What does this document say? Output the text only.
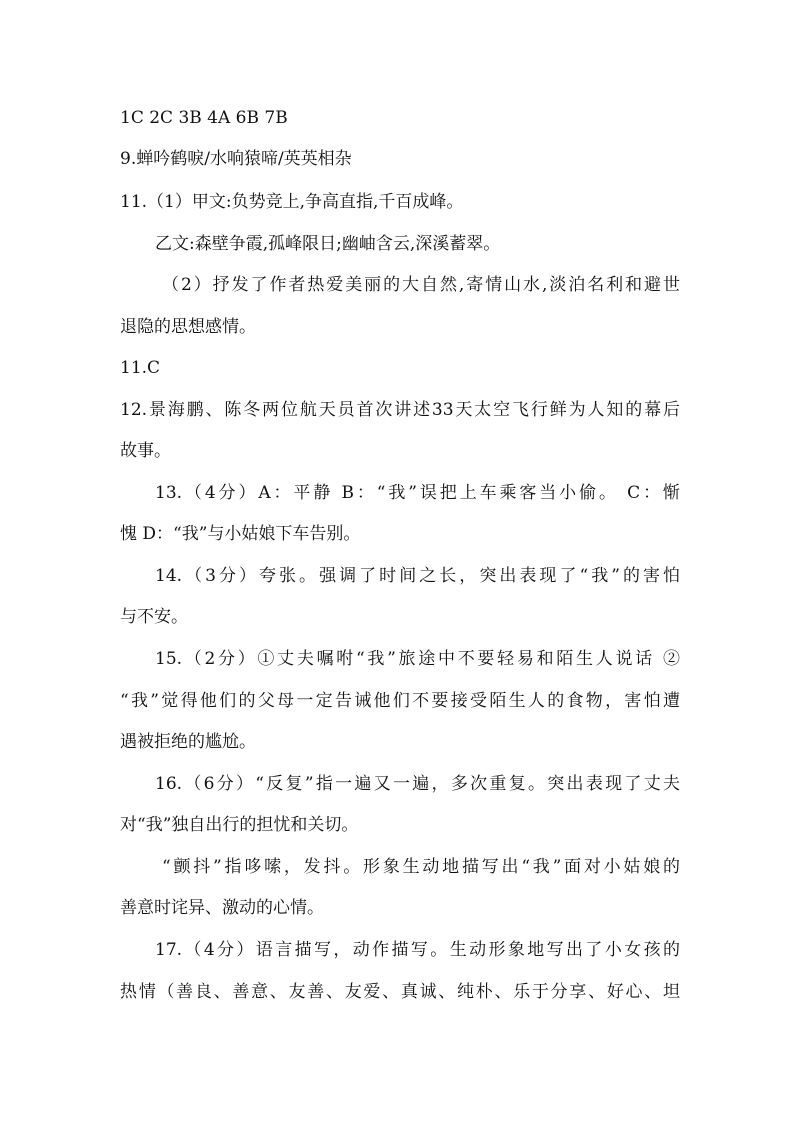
1C 2C 3B 4A 6B 7B
9.蝉吟鹤唳/水响猿啼/英英相杂
11.（1）甲文:负势竞上,争高直指,千百成峰。
乙文:森壁争霞,孤峰限日;幽岫含云,深溪蓄翠。
（2）抒发了作者热爱美丽的大自然,寄情山水,淡泊名利和避世
退隐的思想感情。
11.C
12.景海鹏、陈冬两位航天员首次讲述33天太空飞行鲜为人知的幕后
故事。
13.（4分）A：平静 B：“我”误把上车乘客当小偷。 C：惭
愧 D：“我”与小姑娘下车告别。
14.（3分）夸张。强调了时间之长，突出表现了“我”的害怕
与不安。
15.（2分）①丈夫嘱咐“我”旅途中不要轻易和陌生人说话 ②
“我”觉得他们的父母一定告诫他们不要接受陌生人的食物，害怕遭
遇被拒绝的尴尬。
16.（6分）“反复”指一遍又一遍，多次重复。突出表现了丈夫
对“我”独自出行的担忧和关切。
“颤抖”指哆嗦，发抖。形象生动地描写出“我”面对小姑娘的
善意时诧异、激动的心情。
17.（4分）语言描写，动作描写。生动形象地写出了小女孩的
热情（善良、善意、友善、友爱、真诚、纯朴、乐于分享、好心、坦
